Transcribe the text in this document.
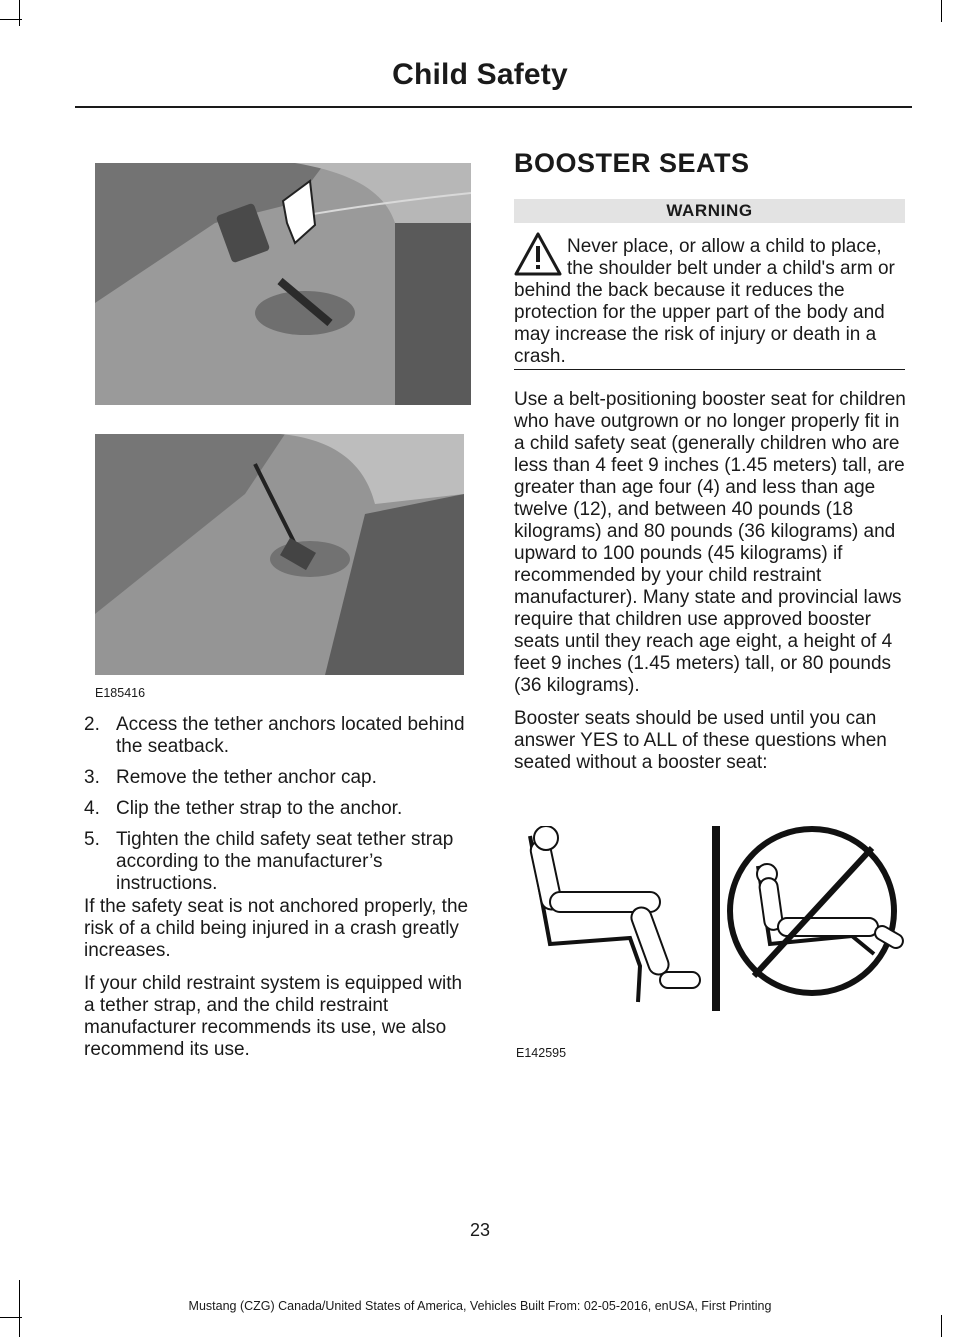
Child Safety
E185416
2. Access the tether anchors located behind the seatback.
3. Remove the tether anchor cap.
4. Clip the tether strap to the anchor.
5. Tighten the child safety seat tether strap according to the manufacturer’s instructions.

If the safety seat is not anchored properly, the risk of a child being injured in a crash greatly increases.

If your child restraint system is equipped with a tether strap, and the child restraint manufacturer recommends its use, we also recommend its use.

BOOSTER SEATS
WARNING
Never place, or allow a child to place, the shoulder belt under a child's arm or behind the back because it reduces the protection for the upper part of the body and may increase the risk of injury or death in a crash.

Use a belt-positioning booster seat for children who have outgrown or no longer properly fit in a child safety seat (generally children who are less than 4 feet 9 inches (1.45 meters) tall, are greater than age four (4) and less than age twelve (12), and between 40 pounds (18 kilograms) and 80 pounds (36 kilograms) and upward to 100 pounds (45 kilograms) if recommended by your child restraint manufacturer). Many state and provincial laws require that children use approved booster seats until they reach age eight, a height of 4 feet 9 inches (1.45 meters) tall, or 80 pounds (36 kilograms).

Booster seats should be used until you can answer YES to ALL of these questions when seated without a booster seat:

E142595
23
Mustang (CZG) Canada/United States of America, Vehicles Built From: 02-05-2016, enUSA, First Printing
